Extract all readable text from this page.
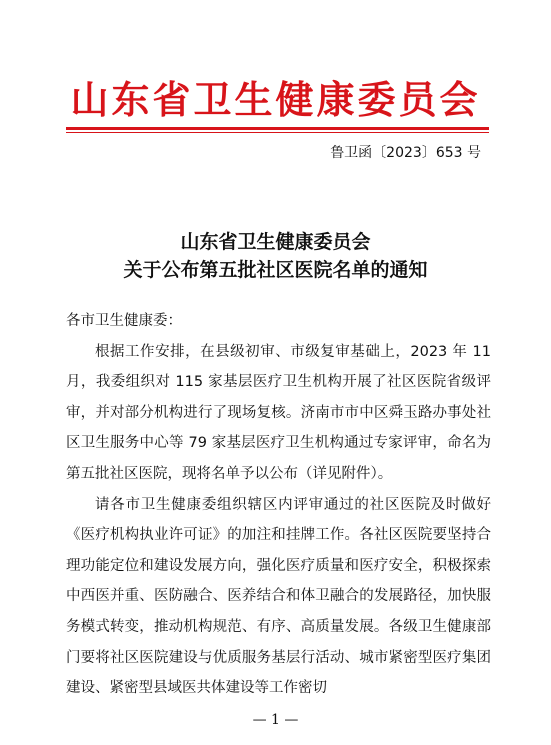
山东省卫生健康委员会
鲁卫函〔2023〕653 号
山东省卫生健康委员会
关于公布第五批社区医院名单的通知

各市卫生健康委：

根据工作安排，在县级初审、市级复审基础上，2023 年 11 月，我委组织对 115 家基层医疗卫生机构开展了社区医院省级评审，并对部分机构进行了现场复核。济南市市中区舜玉路办事处社区卫生服务中心等 79 家基层医疗卫生机构通过专家评审，命名为第五批社区医院，现将名单予以公布（详见附件）。

请各市卫生健康委组织辖区内评审通过的社区医院及时做好《医疗机构执业许可证》的加注和挂牌工作。各社区医院要坚持合理功能定位和建设发展方向，强化医疗质量和医疗安全，积极探索中西医并重、医防融合、医养结合和体卫融合的发展路径，加快服务模式转变，推动机构规范、有序、高质量发展。各级卫生健康部门要将社区医院建设与优质服务基层行活动、城市紧密型医疗集团建设、紧密型县域医共体建设等工作密切

— 1 —
